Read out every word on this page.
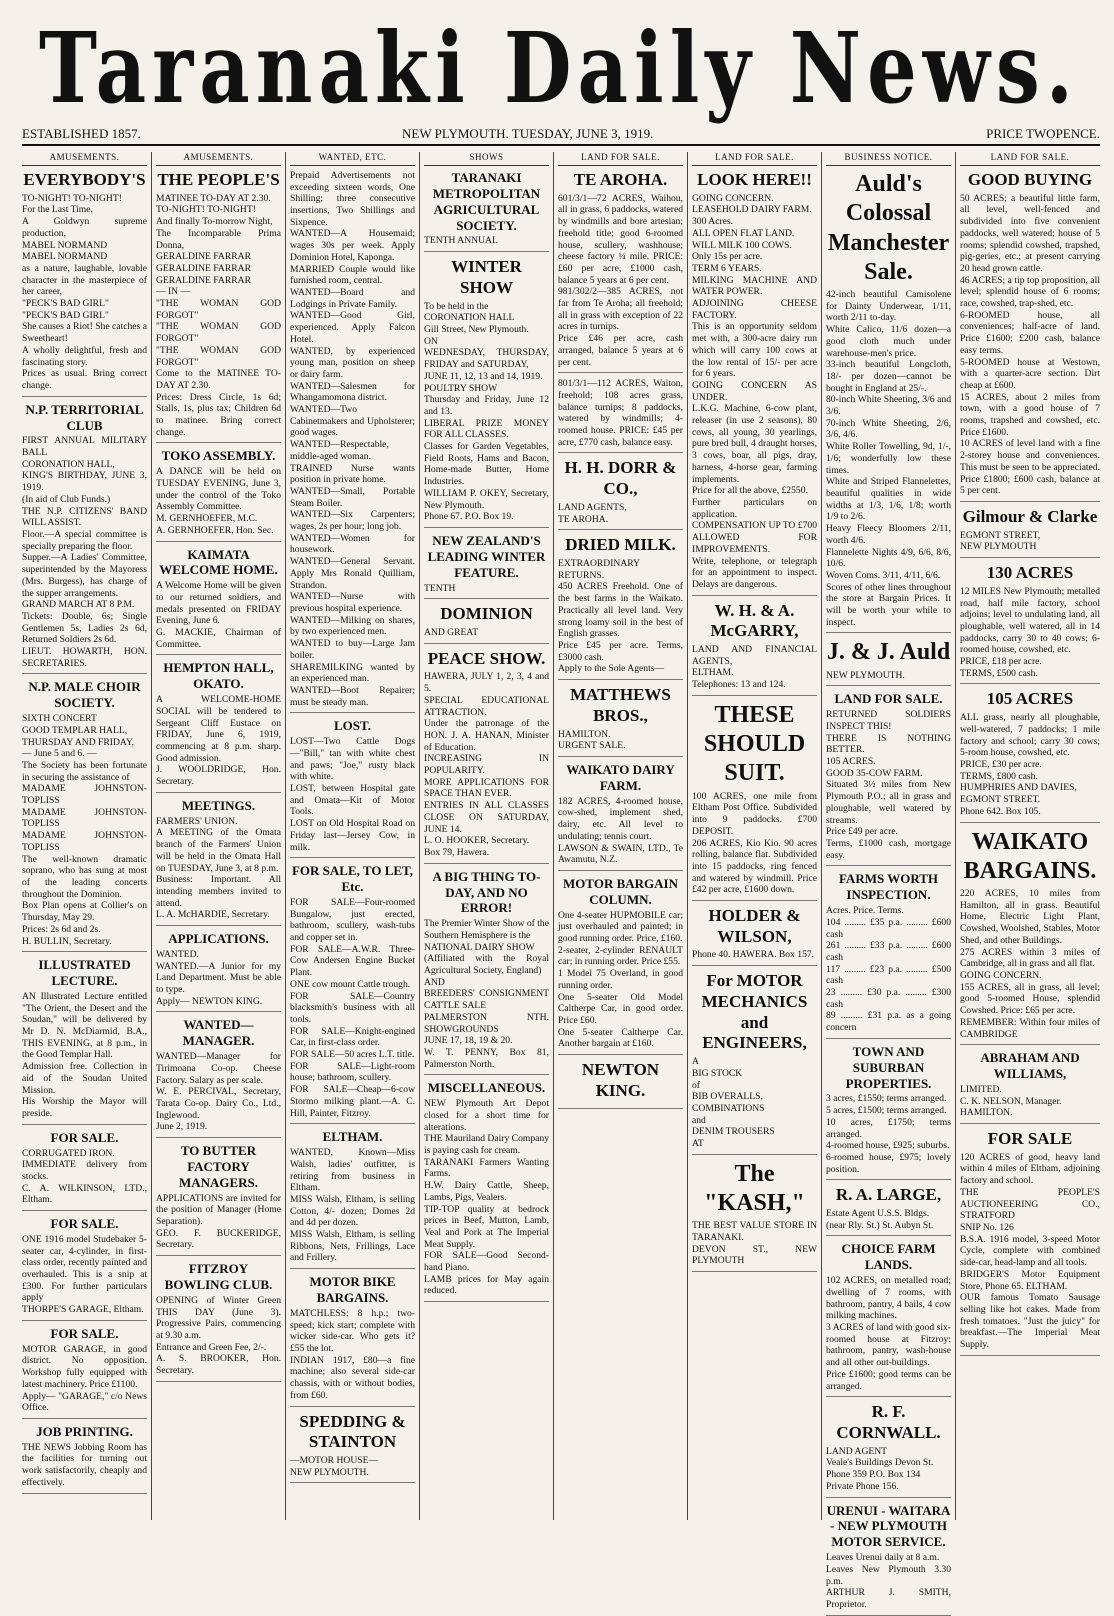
Taranaki Daily News.
ESTABLISHED 1857.	NEW PLYMOUTH. TUESDAY, JUNE 3, 1919.	PRICE TWOPENCE.
AMUSEMENTS.
EVERYBODY'S
TO-NIGHT! TO-NIGHT!
For the Last Time,
A Goldwyn supreme production,
MABEL NORMAND
MABEL NORMAND
as a nature, laughable, lovable character in the masterpiece of her career,
"PECK'S BAD GIRL"
"PECK'S BAD GIRL"
She causes a Riot! She catches a Sweetheart!
A wholly delightful, fresh and fascinating story.
Prices as usual. Bring correct change.
N.P. TERRITORIAL CLUB
FIRST ANNUAL MILITARY BALL
CORONATION HALL,
KING'S BIRTHDAY, JUNE 3, 1919.
(In aid of Club Funds.)
THE N.P. CITIZENS' BAND WILL ASSIST.
Floor.—A special committee is specially preparing the floor.
Supper.—A Ladies' Committee, superintended by the Mayoress (Mrs. Burgess), has charge of the supper arrangements.
GRAND MARCH AT 8 P.M.
Tickets: Double, 6s; Single Gentlemen 5s, Ladies 2s 6d, Returned Soldiers 2s 6d.
LIEUT. HOWARTH, HON. SECRETARIES.
N.P. MALE CHOIR SOCIETY.
SIXTH CONCERT
GOOD TEMPLAR HALL,
THURSDAY AND FRIDAY,
— June 5 and 6. —
The Society has been fortunate in securing the assistance of
MADAME JOHNSTON-TOPLISS
MADAME JOHNSTON-TOPLISS
MADAME JOHNSTON-TOPLISS
The well-known dramatic soprano, who has sung at most of the leading concerts throughout the Dominion.
Box Plan opens at Collier's on Thursday, May 29.
Prices: 2s 6d and 2s.
H. BULLIN, Secretary.
ILLUSTRATED LECTURE.
AN Illustrated Lecture entitled "The Orient, the Desert and the Soudan," will be delivered by Mr D. N. McDiarmid, B.A., THIS EVENING, at 8 p.m., in the Good Templar Hall.
Admission free. Collection in aid of the Soudan United Mission.
His Worship the Mayor will preside.
FOR SALE.
CORRUGATED IRON.
IMMEDIATE delivery from stocks.
C. A. WILKINSON, LTD., Eltham.
FOR SALE.
ONE 1916 model Studebaker 5-seater car, 4-cylinder, in first-class order, recently painted and overhauled. This is a snip at £300. For further particulars apply
THORPE'S GARAGE, Eltham.
FOR SALE.
MOTOR GARAGE, in good district. No opposition. Workshop fully equipped with latest machinery. Price £1100.
Apply— "GARAGE," c/o News Office.
JOB PRINTING.
THE NEWS Jobbing Room has the facilities for turning out work satisfactorily, cheaply and effectively.
AMUSEMENTS.
THE PEOPLE'S
MATINEE TO-DAY AT 2.30.
TO-NIGHT! TO-NIGHT!
And finally To-morrow Night,
The Incomparable Prima Donna,
GERALDINE FARRAR
GERALDINE FARRAR
GERALDINE FARRAR
— IN —
"THE WOMAN GOD FORGOT"
"THE WOMAN GOD FORGOT"
"THE WOMAN GOD FORGOT"
Come to the MATINEE TO-DAY AT 2.30.
Prices: Dress Circle, 1s 6d; Stalls, 1s, plus tax; Children 6d to matinee. Bring correct change.
TOKO ASSEMBLY.
A DANCE will be held on TUESDAY EVENING, June 3, under the control of the Toko Assembly Committee.
M. GERNHOEFER, M.C.
A. GERNHOEFER, Hon. Sec.
KAIMATA WELCOME HOME.
A Welcome Home will be given to our returned soldiers, and medals presented on FRIDAY Evening, June 6.
G. MACKIE, Chairman of Committee.
HEMPTON HALL, OKATO.
A WELCOME-HOME SOCIAL will be tendered to Sergeant Cliff Eustace on FRIDAY, June 6, 1919, commencing at 8 p.m. sharp. Good admission.
J. WOOLDRIDGE, Hon. Secretary.
MEETINGS.
FARMERS' UNION.
A MEETING of the Omata branch of the Farmers' Union will be held in the Omata Hall on TUESDAY, June 3, at 8 p.m.
Business: Important. All intending members invited to attend.
L. A. McHARDIE, Secretary.
APPLICATIONS.
WANTED.
WANTED.—A Junior for my Land Department. Must be able to type.
Apply— NEWTON KING.
WANTED—MANAGER.
WANTED—Manager for Tirimoana Co-op. Cheese Factory. Salary as per scale.
W. E. PERCIVAL, Secretary, Tarata Co-op. Dairy Co., Ltd., Inglewood.
June 2, 1919.
TO BUTTER FACTORY MANAGERS.
APPLICATIONS are invited for the position of Manager (Home Separation).
GEO. F. BUCKERIDGE, Secretary.
FITZROY BOWLING CLUB.
OPENING of Winter Green THIS DAY (June 3). Progressive Pairs, commencing at 9.30 a.m.
Entrance and Green Fee, 2/-.
A. S. BROOKER, Hon. Secretary.
WANTED, ETC.
Prepaid Advertisements not exceeding sixteen words, One Shilling; three consecutive insertions, Two Shillings and Sixpence.
WANTED—A Housemaid; wages 30s per week. Apply Dominion Hotel, Kaponga.
MARRIED Couple would like furnished room, central.
WANTED—Board and Lodgings in Private Family.
WANTED—Good Girl, experienced. Apply Falcon Hotel.
WANTED, by experienced young man, position on sheep or dairy farm.
WANTED—Salesmen for Whangamomona district.
WANTED—Two Cabinetmakers and Upholsterer; good wages.
WANTED—Respectable, middle-aged woman.
TRAINED Nurse wants position in private home.
WANTED—Small, Portable Steam Boiler.
WANTED—Six Carpenters; wages, 2s per hour; long job.
WANTED—Women for housework.
WANTED—General Servant. Apply Mrs Ronald Quilliam, Strandon.
WANTED—Nurse with previous hospital experience.
WANTED—Milking on shares, by two experienced men.
WANTED to buy—Large Jam boiler.
SHAREMILKING wanted by an experienced man.
WANTED—Boot Repairer; must be steady man.
LOST.
LOST—Two Cattle Dogs—"Bill," tan with white chest and paws; "Joe," rusty black with white.
LOST, between Hospital gate and Omata—Kit of Motor Tools.
LOST on Old Hospital Road on Friday last—Jersey Cow, in milk.
FOR SALE, TO LET, Etc.
FOR SALE—Four-roomed Bungalow, just erected, bathroom, scullery, wash-tubs and copper set in.
FOR SALE—A.W.R. Three-Cow Andersen Engine Bucket Plant.
ONE cow mount Cattle trough.
FOR SALE—Country blacksmith's business with all tools.
FOR SALE—Knight-engined Car, in first-class order.
FOR SALE—50 acres L.T. title.
FOR SALE—Light-room house; bathroom, scullery.
FOR SALE—Cheap—6-cow Stormo milking plant.—A. C. Hill, Painter, Fitzroy.
ELTHAM.
WANTED, Known—Miss Walsh, ladies' outfitter, is retiring from business in Eltham.
MISS Walsh, Eltham, is selling Cotton, 4/- dozen; Domes 2d and 4d per dozen.
MISS Walsh, Eltham, is selling Ribbons, Nets, Frillings, Lace and Frillery.
MOTOR BIKE BARGAINS.
MATCHLESS; 8 h.p.; two-speed; kick start; complete with wicker side-car. Who gets it? £55 the lot.
INDIAN 1917, £80—a fine machine; also several side-car chassis, with or without bodies, from £60.
SPEDDING & STAINTON
—MOTOR HOUSE—
NEW PLYMOUTH.
SHOWS
TARANAKI METROPOLITAN AGRICULTURAL SOCIETY.
TENTH ANNUAL
WINTER SHOW
To be held in the
CORONATION HALL
Gill Street, New Plymouth.
ON
WEDNESDAY, THURSDAY, FRIDAY and SATURDAY,
JUNE 11, 12, 13 and 14, 1919.
POULTRY SHOW
Thursday and Friday, June 12 and 13.
LIBERAL PRIZE MONEY FOR ALL CLASSES.
Classes for Garden Vegetables, Field Roots, Hams and Bacon, Home-made Butter, Home Industries.
WILLIAM P. OKEY, Secretary, New Plymouth.
Phone 67. P.O. Box 19.
NEW ZEALAND'S LEADING WINTER FEATURE.
TENTH
DOMINION
AND GREAT
PEACE SHOW.
HAWERA, JULY 1, 2, 3, 4 and 5.
SPECIAL EDUCATIONAL ATTRACTION.
Under the patronage of the HON. J. A. HANAN, Minister of Education.
INCREASING IN POPULARITY.
MORE APPLICATIONS FOR SPACE THAN EVER.
ENTRIES IN ALL CLASSES CLOSE ON SATURDAY, JUNE 14.
L. O. HOOKER, Secretary.
Box 79, Hawera.
A BIG THING TO-DAY, AND NO ERROR!
The Premier Winter Show of the Southern Hemisphere is the
NATIONAL DAIRY SHOW
(Affiliated with the Royal Agricultural Society, England)
AND
BREEDERS' CONSIGNMENT CATTLE SALE
PALMERSTON NTH. SHOWGROUNDS
JUNE 17, 18, 19 & 20.
W. T. PENNY, Box 81, Palmerston North.
MISCELLANEOUS.
NEW Plymouth Art Depot closed for a short time for alterations.
THE Mauriland Dairy Company is paying cash for cream.
TARANAKI Farmers Wanting Farms.
H.W. Dairy Cattle, Sheep, Lambs, Pigs, Vealers.
TIP-TOP quality at bedrock prices in Beef, Mutton, Lamb, Veal and Pork at The Imperial Meat Supply.
FOR SALE—Good Second-hand Piano.
LAMB prices for May again reduced.
LAND FOR SALE.
TE AROHA.
601/3/1—72 ACRES, Waihou, all in grass, 6 paddocks, watered by windmills and bore artesian; freehold title; good 6-roomed house, scullery, washhouse; cheese factory ¼ mile. PRICE: £60 per acre, £1000 cash, balance 5 years at 6 per cent.
981/302/2—385 ACRES, not far from Te Aroha; all freehold; all in grass with exception of 22 acres in turnips.
Price £46 per acre, cash arranged, balance 5 years at 6 per cent.
801/3/1—112 ACRES, Waiton, freehold; 108 acres grass, balance turnips; 8 paddocks, watered by windmills; 4-roomed house. PRICE: £45 per acre, £770 cash, balance easy.
H. H. DORR & CO.,
LAND AGENTS,
TE AROHA.
DRIED MILK.
EXTRAORDINARY RETURNS.
450 ACRES Freehold. One of the best farms in the Waikato. Practically all level land. Very strong loamy soil in the best of English grasses.
Price £45 per acre. Terms, £3000 cash.
Apply to the Sole Agents—
MATTHEWS BROS.,
HAMILTON.
URGENT SALE.
WAIKATO DAIRY FARM.
182 ACRES, 4-roomed house, cow-shed, implement shed, dairy, etc. All level to undulating; tennis court.
LAWSON & SWAIN, LTD., Te Awamutu, N.Z.
MOTOR BARGAIN COLUMN.
One 4-seater HUPMOBILE car; just overhauled and painted; in good running order. Price, £160.
2-seater, 2-cylinder RENAULT car; in running order. Price £55.
1 Model 75 Overland, in good running order.
One 5-seater Old Model Caltherpe Car, in good order. Price £60.
One 5-seater Caltherpe Car. Another bargain at £160.
NEWTON KING.
LAND FOR SALE.
LOOK HERE!!
GOING CONCERN.
LEASEHOLD DAIRY FARM.
300 Acres.
ALL OPEN FLAT LAND.
WILL MILK 100 COWS.
Only 15s per acre.
TERM 6 YEARS.
MILKING MACHINE AND WATER POWER.
ADJOINING CHEESE FACTORY.
This is an opportunity seldom met with, a 300-acre dairy run which will carry 100 cows at the low rental of 15/- per acre for 6 years.
GOING CONCERN AS UNDER.
L.K.G. Machine, 6-cow plant, releaser (in use 2 seasons), 80 cows, all young, 30 yearlings, pure bred bull, 4 draught horses, 3 cows, boar, all pigs, dray, harness, 4-horse gear, farming implements.
Price for all the above, £2550.
Further particulars on application.
COMPENSATION UP TO £700 ALLOWED FOR IMPROVEMENTS.
Write, telephone, or telegraph for an appointment to inspect. Delays are dangerous.
W. H. & A. McGARRY,
LAND AND FINANCIAL AGENTS,
ELTHAM.
Telephones: 13 and 124.
THESE SHOULD SUIT.
100 ACRES, one mile from Eltham Post Office. Subdivided into 9 paddocks. £700 DEPOSIT.
206 ACRES, Kio Kio. 90 acres rolling, balance flat. Subdivided into 15 paddocks, ring fenced and watered by windmill. Price £42 per acre, £1600 down.
HOLDER & WILSON,
Phone 40. HAWERA. Box 157.
For MOTOR MECHANICS and ENGINEERS,
A
BIG STOCK
of
BIB OVERALLS,
COMBINATIONS
and
DENIM TROUSERS
AT
The "KASH,"
THE BEST VALUE STORE IN TARANAKI.
DEVON ST., NEW PLYMOUTH
BUSINESS NOTICE.
Auld's Colossal Manchester Sale.
42-inch beautiful Camisolene for Dainty Underwear, 1/11, worth 2/11 to-day.
White Calico, 11/6 dozen—a good cloth much under warehouse-men's price.
33-inch beautiful Longcloth, 18/- per dozen—cannot be bought in England at 25/-.
80-inch White Sheeting, 3/6 and 3/6.
70-inch White Sheeting, 2/6, 3/6, 4/6.
White Roller Towelling, 9d, 1/-, 1/6; wonderfully low these times.
White and Striped Flannelettes, beautiful qualities in wide widths at 1/3, 1/6, 1/8; worth 1/9 to 2/6.
Heavy Fleecy Bloomers 2/11, worth 4/6.
Flannelette Nights 4/9, 6/6, 8/6, 10/6.
Woven Coms. 3/11, 4/11, 6/6.
Scores of other lines throughout the store at Bargain Prices. It will be worth your while to inspect.
J. & J. Auld
NEW PLYMOUTH.
LAND FOR SALE.
RETURNED SOLDIERS INSPECT THIS!
THERE IS NOTHING BETTER.
105 ACRES.
GOOD 35-COW FARM.
Situated 3½ miles from New Plymouth P.O.; all in grass and ploughable, well watered by streams.
Price £49 per acre.
Terms, £1000 cash, mortgage easy.
FARMS WORTH INSPECTION.
Acres. Price. Terms.
104 ......... £35 p.a. ......... £600 cash
261 ......... £33 p.a. ......... £600 cash
117 ......... £23 p.a. ......... £500 cash
23 ......... £30 p.a. ......... £300 cash
89 ......... £31 p.a. as a going concern
TOWN AND SUBURBAN PROPERTIES.
3 acres, £1550; terms arranged.
5 acres, £1500; terms arranged.
10 acres, £1750; terms arranged.
4-roomed house, £925; suburbs.
6-roomed house, £975; lovely position.
R. A. LARGE,
Estate Agent U.S.S. Bldgs.
(near Rly. St.) St. Aubyn St.
CHOICE FARM LANDS.
102 ACRES, on metalled road; dwelling of 7 rooms, with bathroom, pantry, 4 bails, 4 cow milking machines.
3 ACRES of land with good six-roomed house at Fitzroy: bathroom, pantry, wash-house and all other out-buildings.
Price £1600; good terms can be arranged.
R. F. CORNWALL.
LAND AGENT
Veale's Buildings Devon St.
Phone 359 P.O. Box 134
Private Phone 156.
URENUI - WAITARA - NEW PLYMOUTH MOTOR SERVICE.
Leaves Urenui daily at 8 a.m.
Leaves New Plymouth 3.30 p.m.
ARTHUR J. SMITH, Proprietor.
LAND FOR SALE.
GOOD BUYING
50 ACRES; a beautiful little farm, all level, well-fenced and subdivided into five convenient paddocks, well watered; house of 5 rooms; splendid cowshed, trapshed, pig-geries, etc.; at present carrying 20 head grown cattle.
46 ACRES; a tip top proposition, all level; splendid house of 6 rooms; race, cowshed, trap-shed, etc.
6-ROOMED house, all conveniences; half-acre of land. Price £1600; £200 cash, balance easy terms.
5-ROOMED house at Westown, with a quarter-acre section. Dirt cheap at £600.
15 ACRES, about 2 miles from town, with a good house of 7 rooms, trapshed and cowshed, etc. Price £1600.
10 ACRES of level land with a fine 2-storey house and conveniences. This must be seen to be appreciated. Price £1800; £600 cash, balance at 5 per cent.
Gilmour & Clarke
EGMONT STREET,
NEW PLYMOUTH
130 ACRES
12 MILES New Plymouth; metalled road, half mile factory, school adjoins; level to undulating land, all ploughable, well watered, all in 14 paddocks, carry 30 to 40 cows; 6-roomed house, cowshed, etc.
PRICE, £18 per acre.
TERMS, £500 cash.
105 ACRES
ALL grass, nearly all ploughable, well-watered, 7 paddocks; 1 mile factory and school; carry 30 cows; 5-room house, cowshed, etc.
PRICE, £30 per acre.
TERMS, £800 cash.
HUMPHRIES AND DAVIES,
EGMONT STREET.
Phone 642. Box 105.
WAIKATO BARGAINS.
220 ACRES, 10 miles from Hamilton, all in grass. Beautiful Home, Electric Light Plant, Cowshed, Woolshed, Stables, Motor Shed, and other Buildings.
275 ACRES within 3 miles of Cambridge, all in grass and all flat.
GOING CONCERN.
155 ACRES, all in grass, all level; good 5-roomed House, splendid Cowshed. Price: £65 per acre.
REMEMBER: Within four miles of CAMBRIDGE
ABRAHAM AND WILLIAMS,
LIMITED.
C. K. NELSON, Manager.
HAMILTON.
FOR SALE
120 ACRES of good, heavy land within 4 miles of Eltham, adjoining factory and school.
THE PEOPLE'S AUCTIONEERING CO., STRATFORD
SNIP No. 126
B.S.A. 1916 model, 3-speed Motor Cycle, complete with combined side-car, head-lamp and all tools.
BRIDGER'S Motor Equipment Store, Phone 65. ELTHAM.
OUR famous Tomato Sausage selling like hot cakes. Made from fresh tomatoes. "Just the juicy" for breakfast.—The Imperial Meat Supply.
